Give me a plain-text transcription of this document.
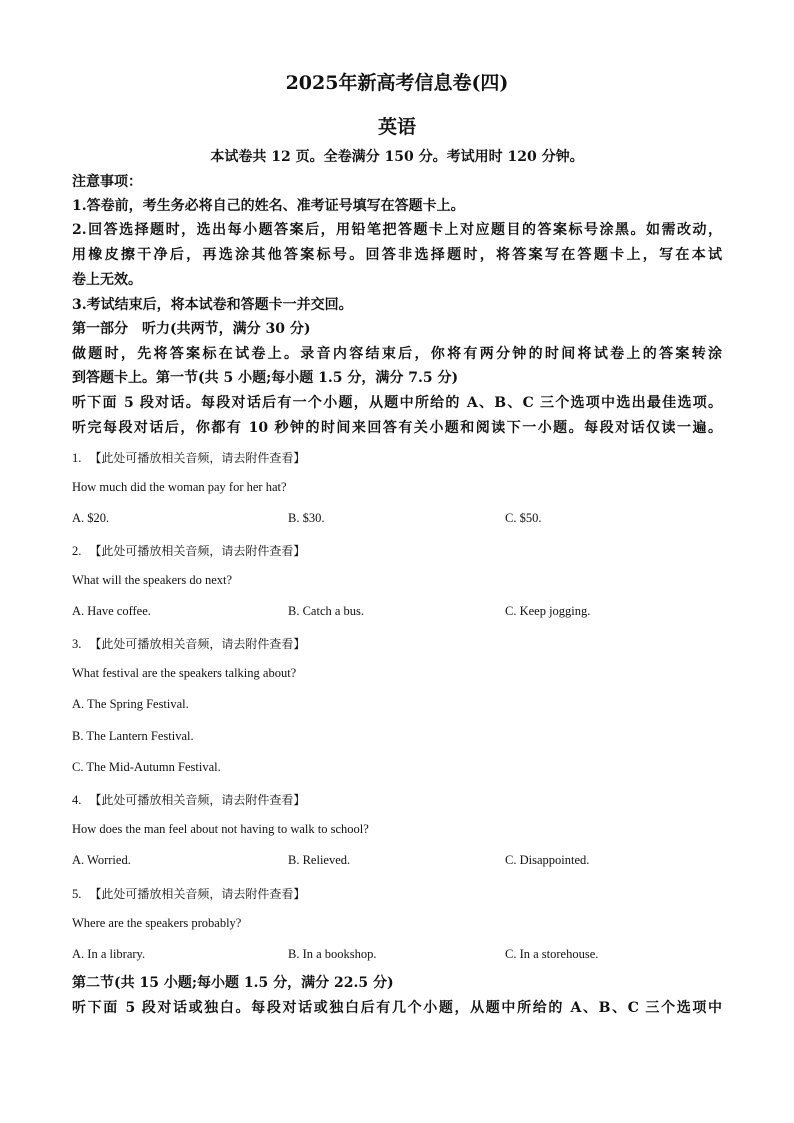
2025年新高考信息卷(四)
英语
本试卷共 12 页。全卷满分 150 分。考试用时 120 分钟。
注意事项：
1.答卷前，考生务必将自己的姓名、准考证号填写在答题卡上。
2.回答选择题时，选出每小题答案后，用铅笔把答题卡上对应题目的答案标号涂黑。如需改动，
用橡皮擦干净后，再选涂其他答案标号。回答非选择题时，将答案写在答题卡上，写在本试
卷上无效。
3.考试结束后，将本试卷和答题卡一并交回。
第一部分　听力(共两节，满分 30 分)
做题时，先将答案标在试卷上。录音内容结束后，你将有两分钟的时间将试卷上的答案转涂
到答题卡上。第一节(共 5 小题;每小题 1.5 分，满分 7.5 分)
听下面 5 段对话。每段对话后有一个小题，从题中所给的 A、B、C 三个选项中选出最佳选项。
听完每段对话后，你都有 10 秒钟的时间来回答有关小题和阅读下一小题。每段对话仅读一遍。
1. 【此处可播放相关音频，请去附件查看】
How much did the woman pay for her hat?
A. $20.	B. $30.	C. $50.
2. 【此处可播放相关音频，请去附件查看】
What will the speakers do next?
A. Have coffee.	B. Catch a bus.	C. Keep jogging.
3. 【此处可播放相关音频，请去附件查看】
What festival are the speakers talking about?
A. The Spring Festival.
B. The Lantern Festival.
C. The Mid-Autumn Festival.
4. 【此处可播放相关音频，请去附件查看】
How does the man feel about not having to walk to school?
A. Worried.	B. Relieved.	C. Disappointed.
5. 【此处可播放相关音频，请去附件查看】
Where are the speakers probably?
A. In a library.	B. In a bookshop.	C. In a storehouse.
第二节(共 15 小题;每小题 1.5 分，满分 22.5 分)
听下面 5 段对话或独白。每段对话或独白后有几个小题，从题中所给的 A、B、C 三个选项中
